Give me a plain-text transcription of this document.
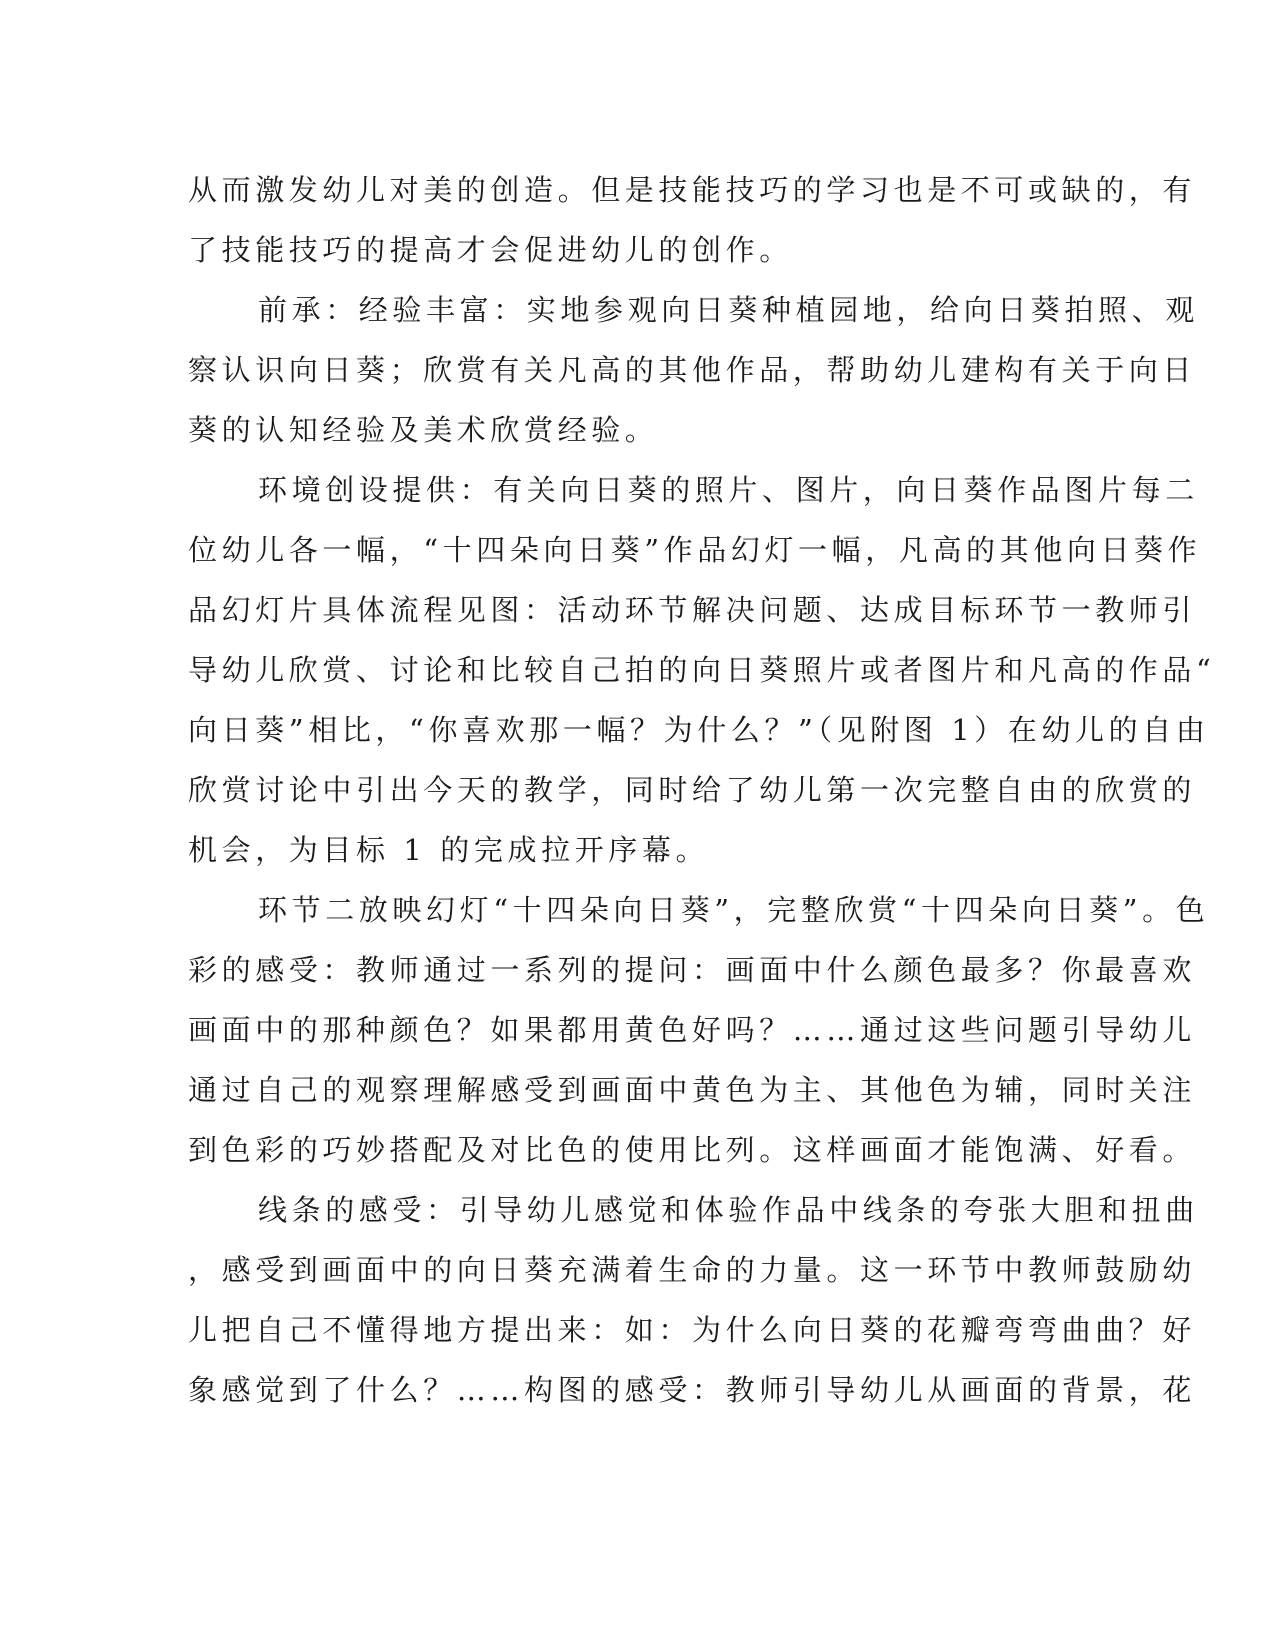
从而激发幼儿对美的创造。但是技能技巧的学习也是不可或缺的，有
了技能技巧的提高才会促进幼儿的创作。
前承：经验丰富：实地参观向日葵种植园地，给向日葵拍照、观
察认识向日葵；欣赏有关凡高的其他作品，帮助幼儿建构有关于向日
葵的认知经验及美术欣赏经验。
环境创设提供：有关向日葵的照片、图片，向日葵作品图片每二
位幼儿各一幅，“十四朵向日葵”作品幻灯一幅，凡高的其他向日葵作
品幻灯片具体流程见图：活动环节解决问题、达成目标环节一教师引
导幼儿欣赏、讨论和比较自己拍的向日葵照片或者图片和凡高的作品“
向日葵”相比，“你喜欢那一幅？为什么？”（见附图 1）在幼儿的自由
欣赏讨论中引出今天的教学，同时给了幼儿第一次完整自由的欣赏的
机会，为目标 1 的完成拉开序幕。
环节二放映幻灯“十四朵向日葵”，完整欣赏“十四朵向日葵”。色
彩的感受：教师通过一系列的提问：画面中什么颜色最多？你最喜欢
画面中的那种颜色？如果都用黄色好吗？……通过这些问题引导幼儿
通过自己的观察理解感受到画面中黄色为主、其他色为辅，同时关注
到色彩的巧妙搭配及对比色的使用比列。这样画面才能饱满、好看。
线条的感受：引导幼儿感觉和体验作品中线条的夸张大胆和扭曲
，感受到画面中的向日葵充满着生命的力量。这一环节中教师鼓励幼
儿把自己不懂得地方提出来：如：为什么向日葵的花瓣弯弯曲曲？好
象感觉到了什么？……构图的感受：教师引导幼儿从画面的背景，花
